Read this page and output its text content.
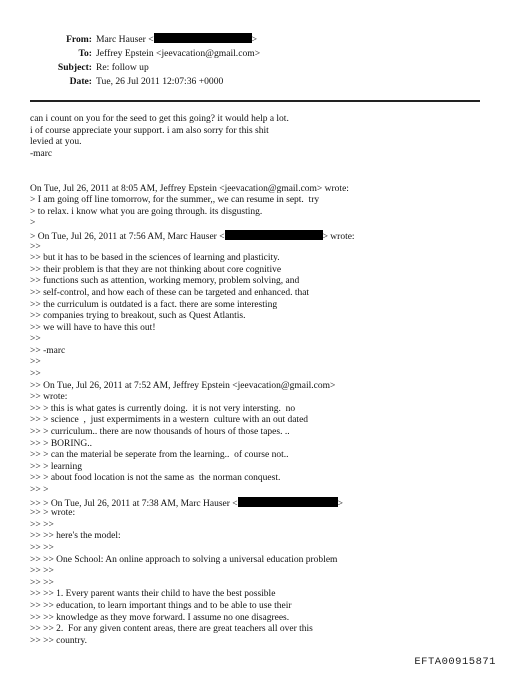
From: Marc Hauser <	>
To: Jeffrey Epstein <jeevacation@gmail.com>
Subject: Re: follow up
Date: Tue, 26 Jul 2011 12:07:36 +0000
can i count on you for the seed to get this going? it would help a lot.
i of course appreciate your support. i am also sorry for this shit
levied at you.
-marc
On Tue, Jul 26, 2011 at 8:05 AM, Jeffrey Epstein <jeevacation@gmail.com> wrote:
> I am going off line tomorrow, for the summer,, we can resume in sept.  try
> to relax. i know what you are going through. its disgusting.
>
> On Tue, Jul 26, 2011 at 7:56 AM, Marc Hauser <	> wrote:
>>
>> but it has to be based in the sciences of learning and plasticity.
>> their problem is that they are not thinking about core cognitive
>> functions such as attention, working memory, problem solving, and
>> self-control, and how each of these can be targeted and enhanced. that
>> the curriculum is outdated is a fact. there are some interesting
>> companies trying to breakout, such as Quest Atlantis.
>> we will have to have this out!
>>
>> -marc
>>
>>
>> On Tue, Jul 26, 2011 at 7:52 AM, Jeffrey Epstein <jeevacation@gmail.com>
>> wrote:
>> > this is what gates is currently doing.  it is not very intersting.  no
>> > science  ,  just expermiments in a western  culture with an out dated
>> > curriculum.. there are now thousands of hours of those tapes. ..
>> > BORING..
>> > can the material be seperate from the learning..  of course not..
>> > learning
>> > about food location is not the same as  the norman conquest.
>> >
>> > On Tue, Jul 26, 2011 at 7:38 AM, Marc Hauser <	>
>> > wrote:
>> >>
>> >> here's the model:
>> >>
>> >> One School: An online approach to solving a universal education problem
>> >>
>> >>
>> >> 1. Every parent wants their child to have the best possible
>> >> education, to learn important things and to be able to use their
>> >> knowledge as they move forward. I assume no one disagrees.
>> >> 2.  For any given content areas, there are great teachers all over this
>> >> country.
EFTA00915871
